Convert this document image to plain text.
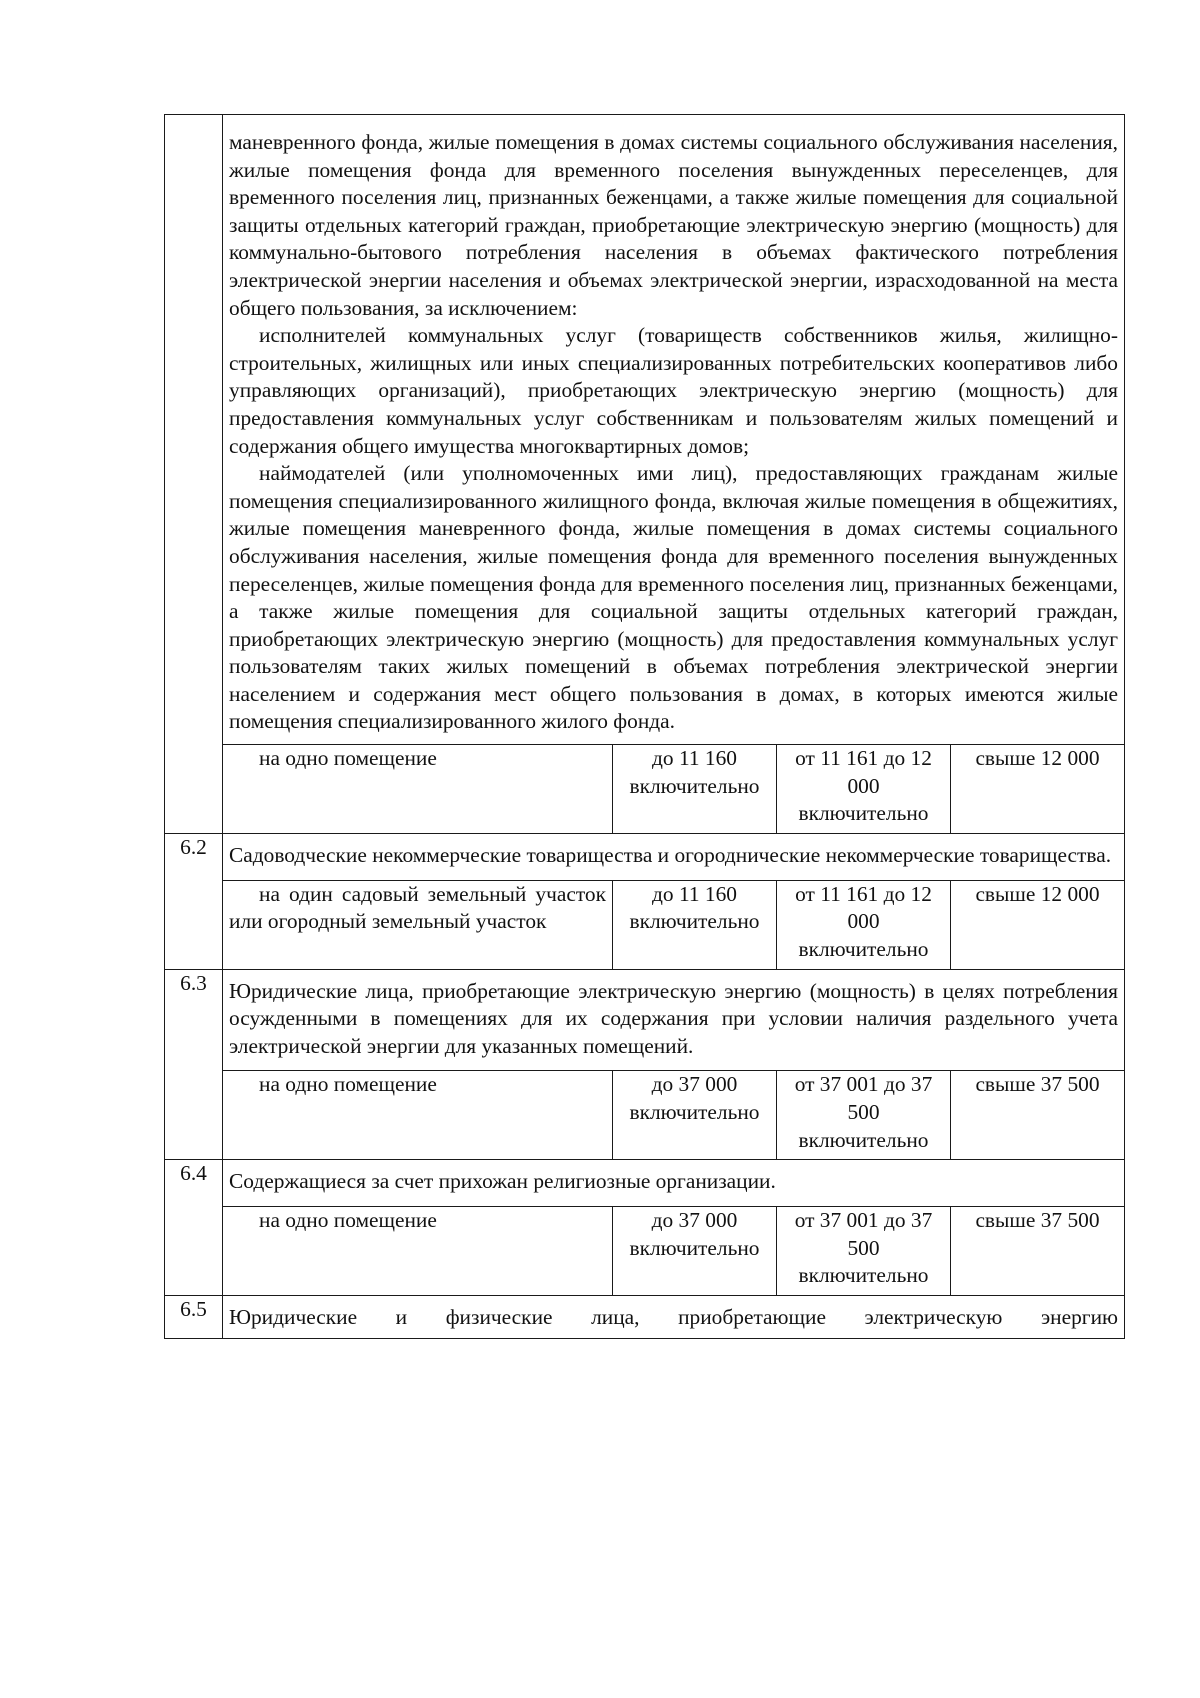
	маневренного фонда, жилые помещения в домах системы социального обслуживания населения, жилые помещения фонда для временного поселения вынужденных переселенцев, для временного поселения лиц, признанных беженцами, а также жилые помещения для социальной защиты отдельных категорий граждан, приобретающие электрическую энергию (мощность) для коммунально-бытового потребления населения в объемах фактического потребления электрической энергии населения и объемах электрической энергии, израсходованной на места общего пользования, за исключением:

исполнителей коммунальных услуг (товариществ собственников жилья, жилищно-строительных, жилищных или иных специализированных потребительских кооперативов либо управляющих организаций), приобретающих электрическую энергию (мощность) для предоставления коммунальных услуг собственникам и пользователям жилых помещений и содержания общего имущества многоквартирных домов;

наймодателей (или уполномоченных ими лиц), предоставляющих гражданам жилые помещения специализированного жилищного фонда, включая жилые помещения в общежитиях, жилые помещения маневренного фонда, жилые помещения в домах системы социального обслуживания населения, жилые помещения фонда для временного поселения вынужденных переселенцев, жилые помещения фонда для временного поселения лиц, признанных беженцами, а также жилые помещения для социальной защиты отдельных категорий граждан, приобретающих электрическую энергию (мощность) для предоставления коммунальных услуг пользователям таких жилых помещений в объемах потребления электрической энергии населением и содержания мест общего пользования в домах, в которых имеются жилые помещения специализированного жилого фонда.			

	на одно помещение	до 11 160 включительно	от 11 161 до 12 000 включительно	свыше 12 000
6.2	Садоводческие некоммерческие товарищества и огороднические некоммерческие товарищества.			

	на один садовый земельный участок или огородный земельный участок	до 11 160 включительно	от 11 161 до 12 000 включительно	свыше 12 000
6.3	Юридические лица, приобретающие электрическую энергию (мощность) в целях потребления осужденными в помещениях для их содержания при условии наличия раздельного учета электрической энергии для указанных помещений.			

	на одно помещение	до 37 000 включительно	от 37 001 до 37 500 включительно	свыше 37 500
6.4	Содержащиеся за счет прихожан религиозные организации.			

	на одно помещение	до 37 000 включительно	от 37 001 до 37 500 включительно	свыше 37 500
6.5	Юридические и физические лица, приобретающие электрическую энергию			
